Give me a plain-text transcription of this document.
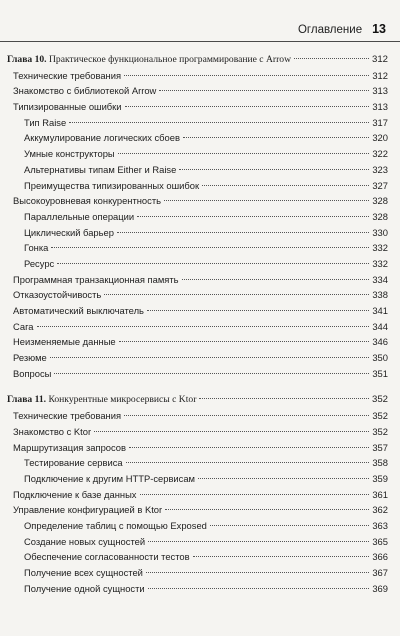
Оглавление 13
Глава 10. Практическое функциональное программирование с Arrow	312
Технические требования	312
Знакомство с библиотекой Arrow	313
Типизированные ошибки	313
Тип Raise	317
Аккумулирование логических сбоев	320
Умные конструкторы	322
Альтернативы типам Either и Raise	323
Преимущества типизированных ошибок	327
Высокоуровневая конкурентность	328
Параллельные операции	328
Циклический барьер	330
Гонка	332
Ресурс	332
Программная транзакционная память	334
Отказоустойчивость	338
Автоматический выключатель	341
Сага	344
Неизменяемые данные	346
Резюме	350
Вопросы	351
Глава 11. Конкурентные микросервисы с Ktor	352
Технические требования	352
Знакомство с Ktor	352
Маршрутизация запросов	357
Тестирование сервиса	358
Подключение к другим HTTP-сервисам	359
Подключение к базе данных	361
Управление конфигурацией в Ktor	362
Определение таблиц с помощью Exposed	363
Создание новых сущностей	365
Обеспечение согласованности тестов	366
Получение всех сущностей	367
Получение одной сущности	369
